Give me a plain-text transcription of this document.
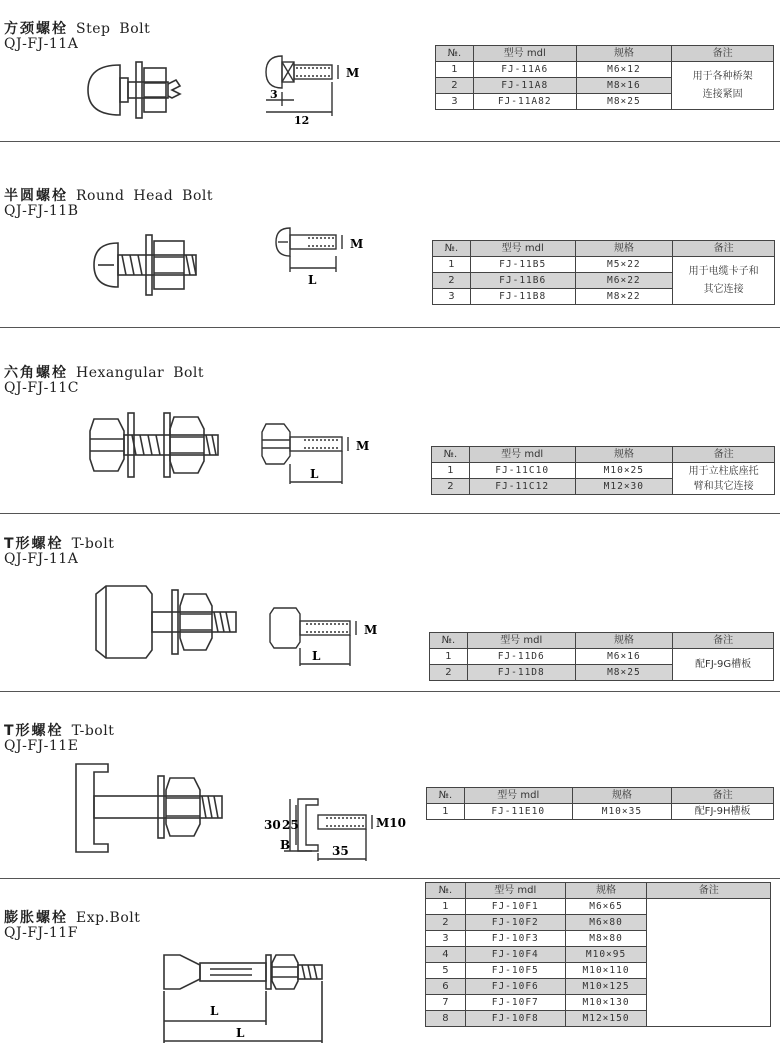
方颈螺栓 Step Bolt
QJ-FJ-11A
M
3
12
№.	型号 mdl	规格	备注
1	FJ-11A6	M6×12	用于各种桥架
连接紧固

2	FJ-11A8	M8×16	
3	FJ-11A82	M8×25	
半圆螺栓 Round Head Bolt
QJ-FJ-11B
M
L
№.	型号 mdl	规格	备注
1	FJ-11B5	M5×22	用于电缆卡子和
其它连接

2	FJ-11B6	M6×22	
3	FJ-11B8	M8×22	
六角螺栓 Hexangular Bolt
QJ-FJ-11C
M
L
№.	型号 mdl	规格	备注
1	FJ-11C10	M10×25	用于立柱底座托
臂和其它连接

2	FJ-11C12	M12×30	
T形螺栓 T-bolt
QJ-FJ-11A
M
L
№.	型号 mdl	规格	备注
1	FJ-11D6	M6×16	配FJ-9G槽板

2	FJ-11D8	M8×25	
T形螺栓 T-bolt
QJ-FJ-11E
30 25
B
M10
35
№.	型号 mdl	规格	备注
1	FJ-11E10	M10×35	配FJ-9H槽板
膨胀螺栓 Exp.Bolt
QJ-FJ-11F
L
L
№.	型号 mdl	规格	备注
1	FJ-10F1	M6×65	
2	FJ-10F2	M6×80	
3	FJ-10F3	M8×80	
4	FJ-10F4	M10×95	
5	FJ-10F5	M10×110	
6	FJ-10F6	M10×125	
7	FJ-10F7	M10×130	
8	FJ-10F8	M12×150	
